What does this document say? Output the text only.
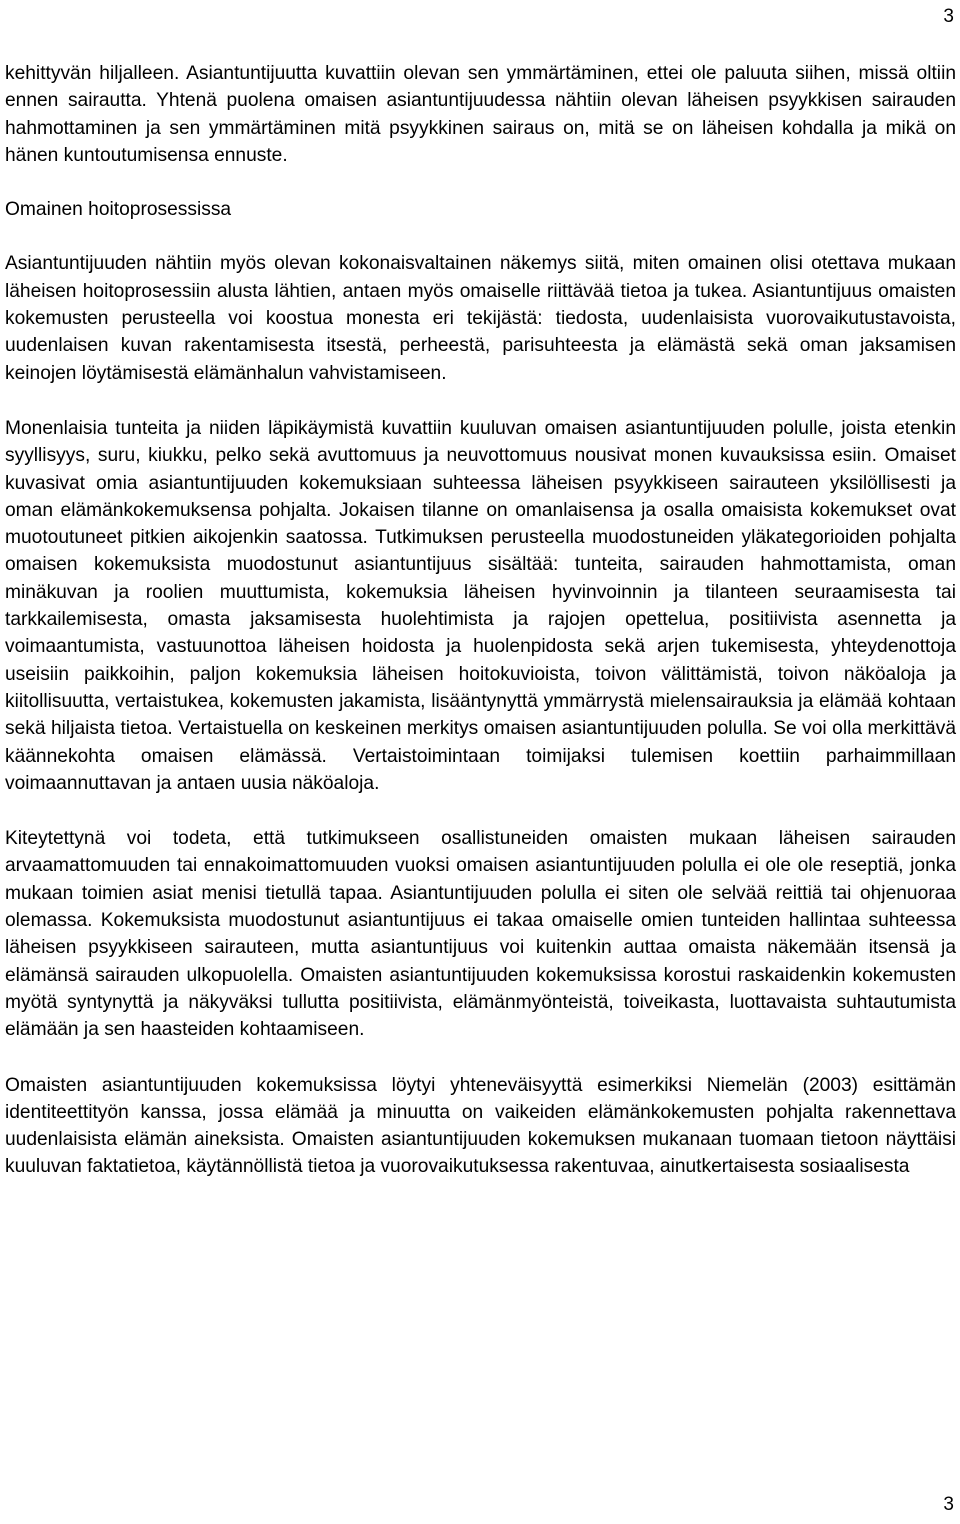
3

kehittyvän hiljalleen. Asiantuntijuutta kuvattiin olevan sen ymmärtäminen, ettei ole paluuta siihen, missä oltiin ennen sairautta. Yhtenä puolena omaisen asiantuntijuudessa nähtiin olevan läheisen psyykkisen sairauden hahmottaminen ja sen ymmärtäminen mitä psyykkinen sairaus on, mitä se on läheisen kohdalla ja mikä on hänen kuntoutumisensa ennuste.

Omainen hoitoprosessissa

Asiantuntijuuden nähtiin myös olevan kokonaisvaltainen näkemys siitä, miten omainen olisi otettava mukaan läheisen hoitoprosessiin alusta lähtien, antaen myös omaiselle riittävää tietoa ja tukea. Asiantuntijuus omaisten kokemusten perusteella voi koostua monesta eri tekijästä: tiedosta, uudenlaisista vuorovaikutustavoista, uudenlaisen kuvan rakentamisesta itsestä, perheestä, parisuhteesta ja elämästä sekä oman jaksamisen keinojen löytämisestä elämänhalun vahvistamiseen.

Monenlaisia tunteita ja niiden läpikäymistä kuvattiin kuuluvan omaisen asiantuntijuuden polulle, joista etenkin syyllisyys, suru, kiukku, pelko sekä avuttomuus ja neuvottomuus nousivat monen kuvauksissa esiin. Omaiset kuvasivat omia asiantuntijuuden kokemuksiaan suhteessa läheisen psyykkiseen sairauteen yksilöllisesti ja oman elämänkokemuksensa pohjalta. Jokaisen tilanne on omanlaisensa ja osalla omaisista kokemukset ovat muotoutuneet pitkien aikojenkin saatossa. Tutkimuksen perusteella muodostuneiden yläkategorioiden pohjalta omaisen kokemuksista muodostunut asiantuntijuus sisältää: tunteita, sairauden hahmottamista, oman minäkuvan ja roolien muuttumista, kokemuksia läheisen hyvinvoinnin ja tilanteen seuraamisesta tai tarkkailemisesta, omasta jaksamisesta huolehtimista ja rajojen opettelua, positiivista asennetta ja voimaantumista, vastuunottoa läheisen hoidosta ja huolenpidosta sekä arjen tukemisesta, yhteydenottoja useisiin paikkoihin, paljon kokemuksia läheisen hoitokuvioista, toivon välittämistä, toivon näköaloja ja kiitollisuutta, vertaistukea, kokemusten jakamista, lisääntynyttä ymmärrystä mielensairauksia ja elämää kohtaan sekä hiljaista tietoa. Vertaistuella on keskeinen merkitys omaisen asiantuntijuuden polulla. Se voi olla merkittävä käännekohta omaisen elämässä. Vertaistoimintaan toimijaksi tulemisen koettiin parhaimmillaan voimaannuttavan ja antaen uusia näköaloja.

Kiteytettynä voi todeta, että tutkimukseen osallistuneiden omaisten mukaan läheisen sairauden arvaamattomuuden tai ennakoimattomuuden vuoksi omaisen asiantuntijuuden polulla ei ole ole reseptiä, jonka mukaan toimien asiat menisi tietullä tapaa. Asiantuntijuuden polulla ei siten ole selvää reittiä tai ohjenuoraa olemassa. Kokemuksista muodostunut asiantuntijuus ei takaa omaiselle omien tunteiden hallintaa suhteessa läheisen psyykkiseen sairauteen, mutta asiantuntijuus voi kuitenkin auttaa omaista näkemään itsensä ja elämänsä sairauden ulkopuolella. Omaisten asiantuntijuuden kokemuksissa korostui raskaidenkin kokemusten myötä syntynyttä ja näkyväksi tullutta positiivista, elämänmyönteistä, toiveikasta, luottavaista suhtautumista elämään ja sen haasteiden kohtaamiseen.

Omaisten asiantuntijuuden kokemuksissa löytyi yhteneväisyyttä esimerkiksi Niemelän (2003) esittämän identiteettityön kanssa, jossa elämää ja minuutta on vaikeiden elämänkokemusten pohjalta rakennettava uudenlaisista elämän aineksista. Omaisten asiantuntijuuden kokemuksen mukanaan tuomaan tietoon näyttäisi kuuluvan faktatietoa, käytännöllistä tietoa ja vuorovaikutuksessa rakentuvaa, ainutkertaisesta sosiaalisesta

3
